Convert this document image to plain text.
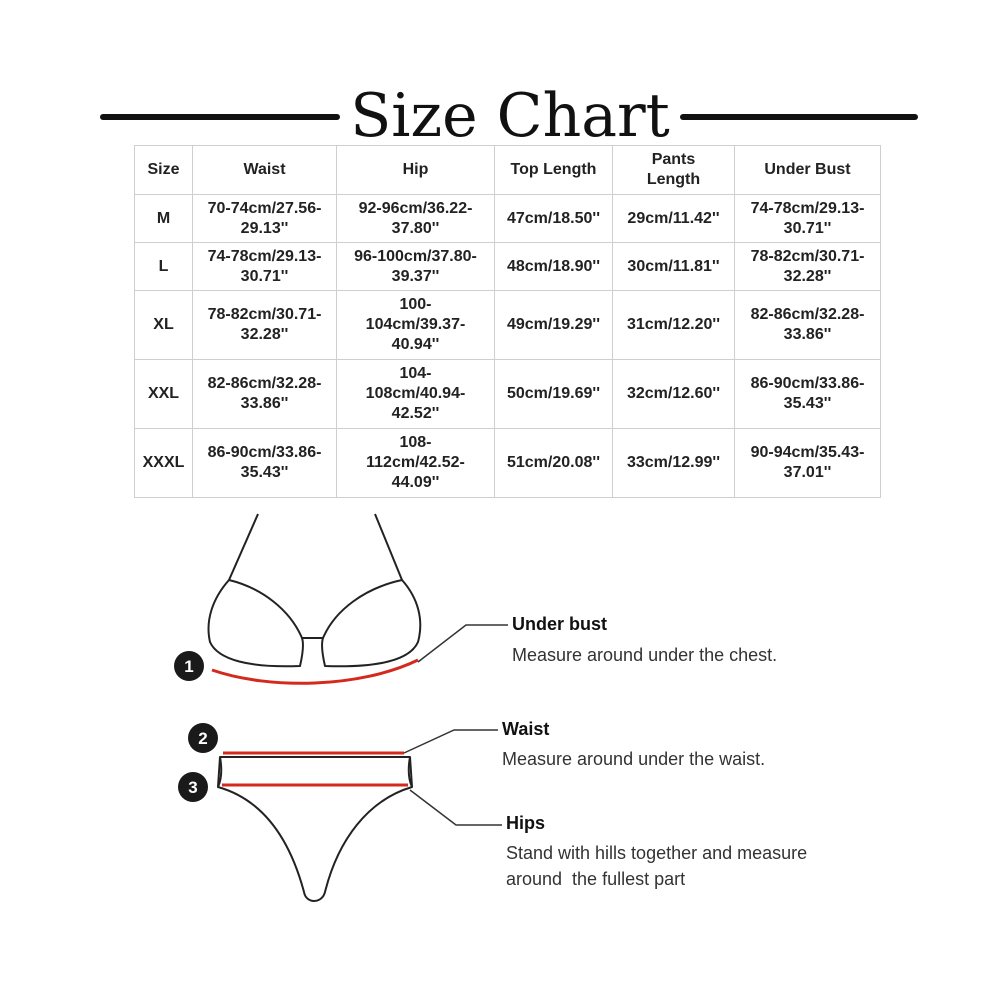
Size Chart
Size	Waist	Hip	Top Length	Pants Length	Under Bust
M	70-74cm/27.56-29.13''	92-96cm/36.22-37.80''	47cm/18.50''	29cm/11.42''	74-78cm/29.13-30.71''
L	74-78cm/29.13-30.71''	96-100cm/37.80-39.37''	48cm/18.90''	30cm/11.81''	78-82cm/30.71-32.28''
XL	78-82cm/30.71-32.28''	100-104cm/39.37-40.94''	49cm/19.29''	31cm/12.20''	82-86cm/32.28-33.86''
XXL	82-86cm/32.28-33.86''	104-108cm/40.94-42.52''	50cm/19.69''	32cm/12.60''	86-90cm/33.86-35.43''
XXXL	86-90cm/33.86-35.43''	108-112cm/42.52-44.09''	51cm/20.08''	33cm/12.99''	90-94cm/35.43-37.01''
1
2
3
Under bust
Measure around under the chest.
Waist
Measure around under the waist.
Hips
Stand with hills together and measure
around  the fullest part
